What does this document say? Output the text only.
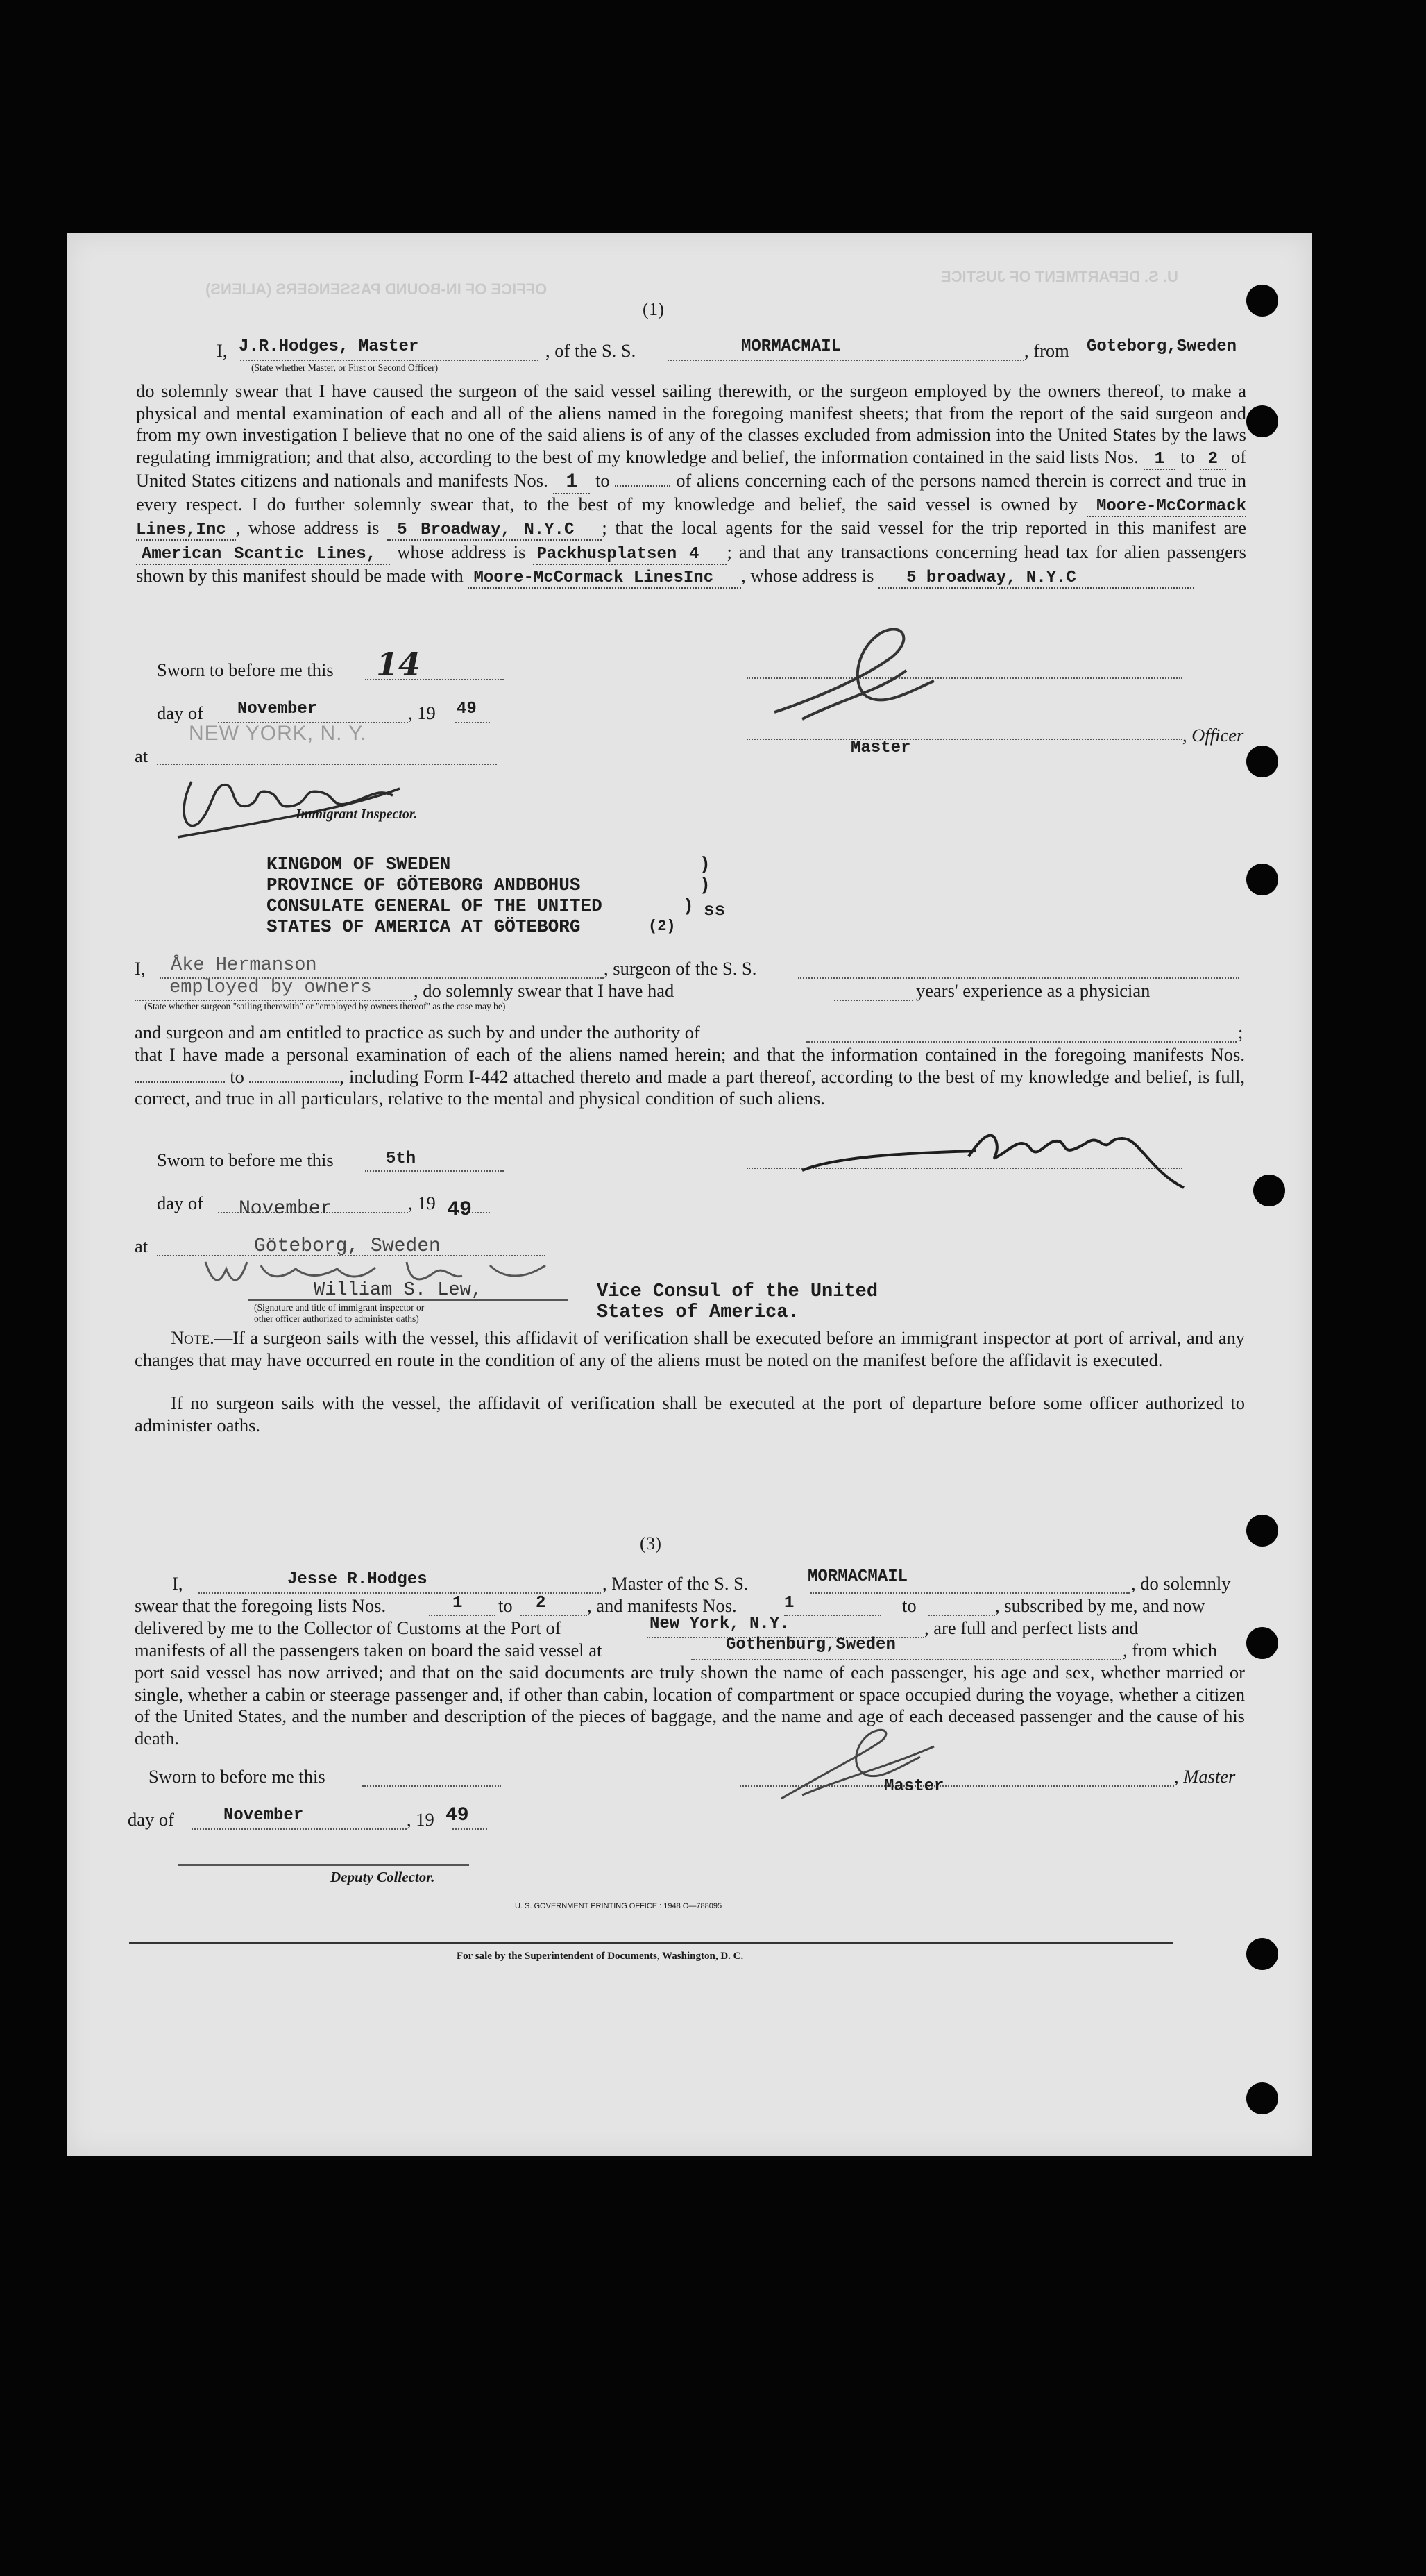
OFFICE OF IN-BOUND PASSENGERS (ALIENS)
U. S. DEPARTMENT OF JUSTICE
(1)
I, J.R.Hodges, Master	, of the S. S.	MORMACMAIL	, from Goteborg,Sweden
(State whether Master, or First or Second Officer)
do solemnly swear that I have caused the surgeon of the said vessel sailing therewith, or the surgeon employed by the owners thereof, to make a physical and mental examination of each and all of the aliens named in the foregoing manifest sheets; that from the report of the said surgeon and from my own investigation I believe that no one of the said aliens is of any of the classes excluded from admission into the United States by the laws regulating immigration; and that also, according to the best of my knowledge and belief, the information contained in the said lists Nos. 1 to 2 of United States citizens and nationals and manifests Nos. 1 to	of aliens concerning each of the persons named therein is correct and true in every respect. I do further solemnly swear that, to the best of my knowledge and belief, the said vessel is owned by Moore-McCormack Lines,Inc , whose address is 5 Broadway, N.Y.C ; that the local agents for the said vessel for the trip reported in this manifest are American Scantic Lines, whose address is Packhusplatsen 4 ; and that any transactions concerning head tax for alien passengers shown by this manifest should be made with Moore-McCormack LinesInc , whose address is 5 broadway, N.Y.C
Sworn to before me this 14
day of November	, 19 49
NEW YORK, N. Y.	, Officer
Master
at
Immigrant Inspector.
KINGDOM OF SWEDEN
PROVINCE OF GÖTEBORG ANDBOHUS
CONSULATE GENERAL OF THE UNITED
STATES OF AMERICA AT GÖTEBORG
)
)
) ss
(2)
I, Åke Hermanson	, surgeon of the S. S.
employed by owners , do solemnly swear that I have had	years' experience as a physician
(State whether surgeon "sailing therewith" or "employed by owners thereof" as the case may be)
and surgeon and am entitled to practice as such by and under the authority of	;
that I have made a personal examination of each of the aliens named herein; and that the information contained in the foregoing manifests Nos.  to	, including Form I-442 attached thereto and made a part thereof, according to the best of my knowledge and belief, is full, correct, and true in all particulars, relative to the mental and physical condition of such aliens.
Sworn to before me this	5th
day of November	, 19 49
at	Göteborg, Sweden
William S. Lew,	Vice Consul of the United
States of America.
(Signature and title of immigrant inspector or
other officer authorized to administer oaths)
Note.—If a surgeon sails with the vessel, this affidavit of verification shall be executed before an immigrant inspector at port of arrival, and any changes that may have occurred en route in the condition of any of the aliens must be noted on the manifest before the affidavit is executed.
If no surgeon sails with the vessel, the affidavit of verification shall be executed at the port of departure before some officer authorized to administer oaths.
(3)
I,	Jesse R.Hodges	, Master of the S. S.	MORMACMAIL	, do solemnly
swear that the foregoing lists Nos.	1 to 2 , and manifests Nos.	1	to	, subscribed by me, and now
delivered by me to the Collector of Customs at the Port of	New York, N.Y.	, are full and perfect lists and
manifests of all the passengers taken on board the said vessel at	Gothenburg,Sweden	, from which
port said vessel has now arrived; and that on the said documents are truly shown the name of each passenger, his age and sex, whether married or single, whether a cabin or steerage passenger and, if other than cabin, location of compartment or space occupied during the voyage, whether a citizen of the United States, and the number and description of the pieces of baggage, and the name and age of each deceased passenger and the cause of his death.
Sworn to before me this	, Master
Master
day of	November	, 19 49
Deputy Collector.
U. S. GOVERNMENT PRINTING OFFICE : 1948 O—788095
For sale by the Superintendent of Documents, Washington, D. C.
